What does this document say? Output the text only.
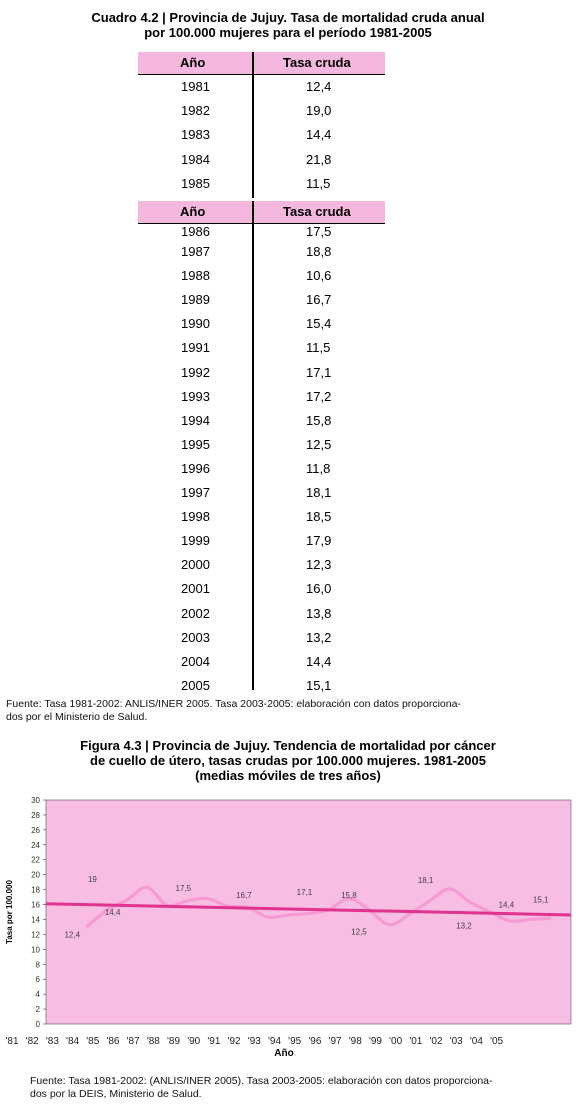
Cuadro 4.2 | Provincia de Jujuy. Tasa de mortalidad cruda anual
por 100.000 mujeres para el período 1981-2005
Año	Tasa cruda
Año	Tasa cruda
1981	12,4
1982	19,0
1983	14,4
1984	21,8
1985	11,5
1986	17,5
1987	18,8
1988	10,6
1989	16,7
1990	15,4
1991	11,5
1992	17,1
1993	17,2
1994	15,8
1995	12,5
1996	11,8
1997	18,1
1998	18,5
1999	17,9
2000	12,3
2001	16,0
2002	13,8
2003	13,2
2004	14,4
2005	15,1
Fuente: Tasa 1981-2002: ANLIS/INER 2005. Tasa 2003-2005: elaboración con datos proporciona-
dos por el Ministerio de Salud.
Figura 4.3 | Provincia de Jujuy. Tendencia de mortalidad por cáncer
de cuello de útero, tasas crudas por 100.000 mujeres. 1981-2005
(medias móviles de tres años)
0
2
4
6
8
10
12
14
16
18
20
22
24
26
28
30
'81 '82 '83 '84 '85 '86 '87 '88 '89 '90 '91 '92 '93 '94 '95 '96 '97 '98 '99 '00 '01 '02 '03 '04 '05
Año
Tasa por 100.000	12,4
19
14,4
17,5
16,7	17,1	15,8
12,5
18,1
13,2
14,4
15,1
Fuente: Tasa 1981-2002: (ANLIS/INER 2005). Tasa 2003-2005: elaboración con datos proporciona-
dos por la DEIS, Ministerio de Salud.
